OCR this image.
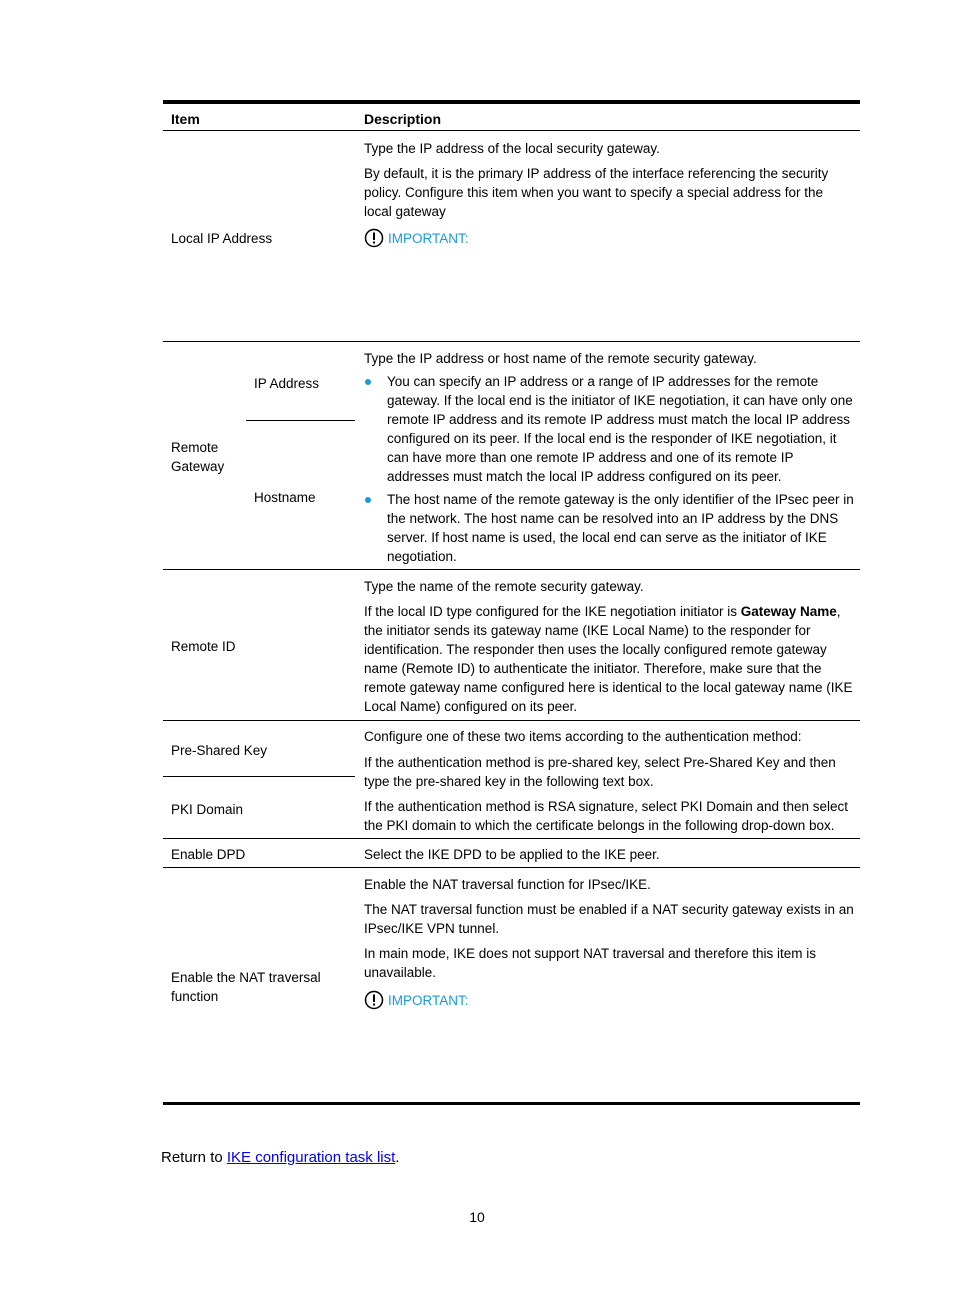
Item	Description
Local IP Address
Type the IP address of the local security gateway.
By default, it is the primary IP address of the interface referencing the security policy. Configure this item when you want to specify a special address for the local gateway
IMPORTANT:
Remote Gateway
IP Address
Hostname
Type the IP address or host name of the remote security gateway.
You can specify an IP address or a range of IP addresses for the remote gateway. If the local end is the initiator of IKE negotiation, it can have only one remote IP address and its remote IP address must match the local IP address configured on its peer. If the local end is the responder of IKE negotiation, it can have more than one remote IP address and one of its remote IP addresses must match the local IP address configured on its peer.
The host name of the remote gateway is the only identifier of the IPsec peer in the network. The host name can be resolved into an IP address by the DNS server. If host name is used, the local end can serve as the initiator of IKE negotiation.
Remote ID
Type the name of the remote security gateway.
If the local ID type configured for the IKE negotiation initiator is Gateway Name, the initiator sends its gateway name (IKE Local Name) to the responder for identification. The responder then uses the locally configured remote gateway name (Remote ID) to authenticate the initiator. Therefore, make sure that the remote gateway name configured here is identical to the local gateway name (IKE Local Name) configured on its peer.
Pre-Shared Key
PKI Domain
Configure one of these two items according to the authentication method:
If the authentication method is pre-shared key, select Pre-Shared Key and then type the pre-shared key in the following text box.
If the authentication method is RSA signature, select PKI Domain and then select the PKI domain to which the certificate belongs in the following drop-down box.
Enable DPD	Select the IKE DPD to be applied to the IKE peer.
Enable the NAT traversal function
Enable the NAT traversal function for IPsec/IKE.
The NAT traversal function must be enabled if a NAT security gateway exists in an IPsec/IKE VPN tunnel.
In main mode, IKE does not support NAT traversal and therefore this item is unavailable.
IMPORTANT:
Return to IKE configuration task list.
10
